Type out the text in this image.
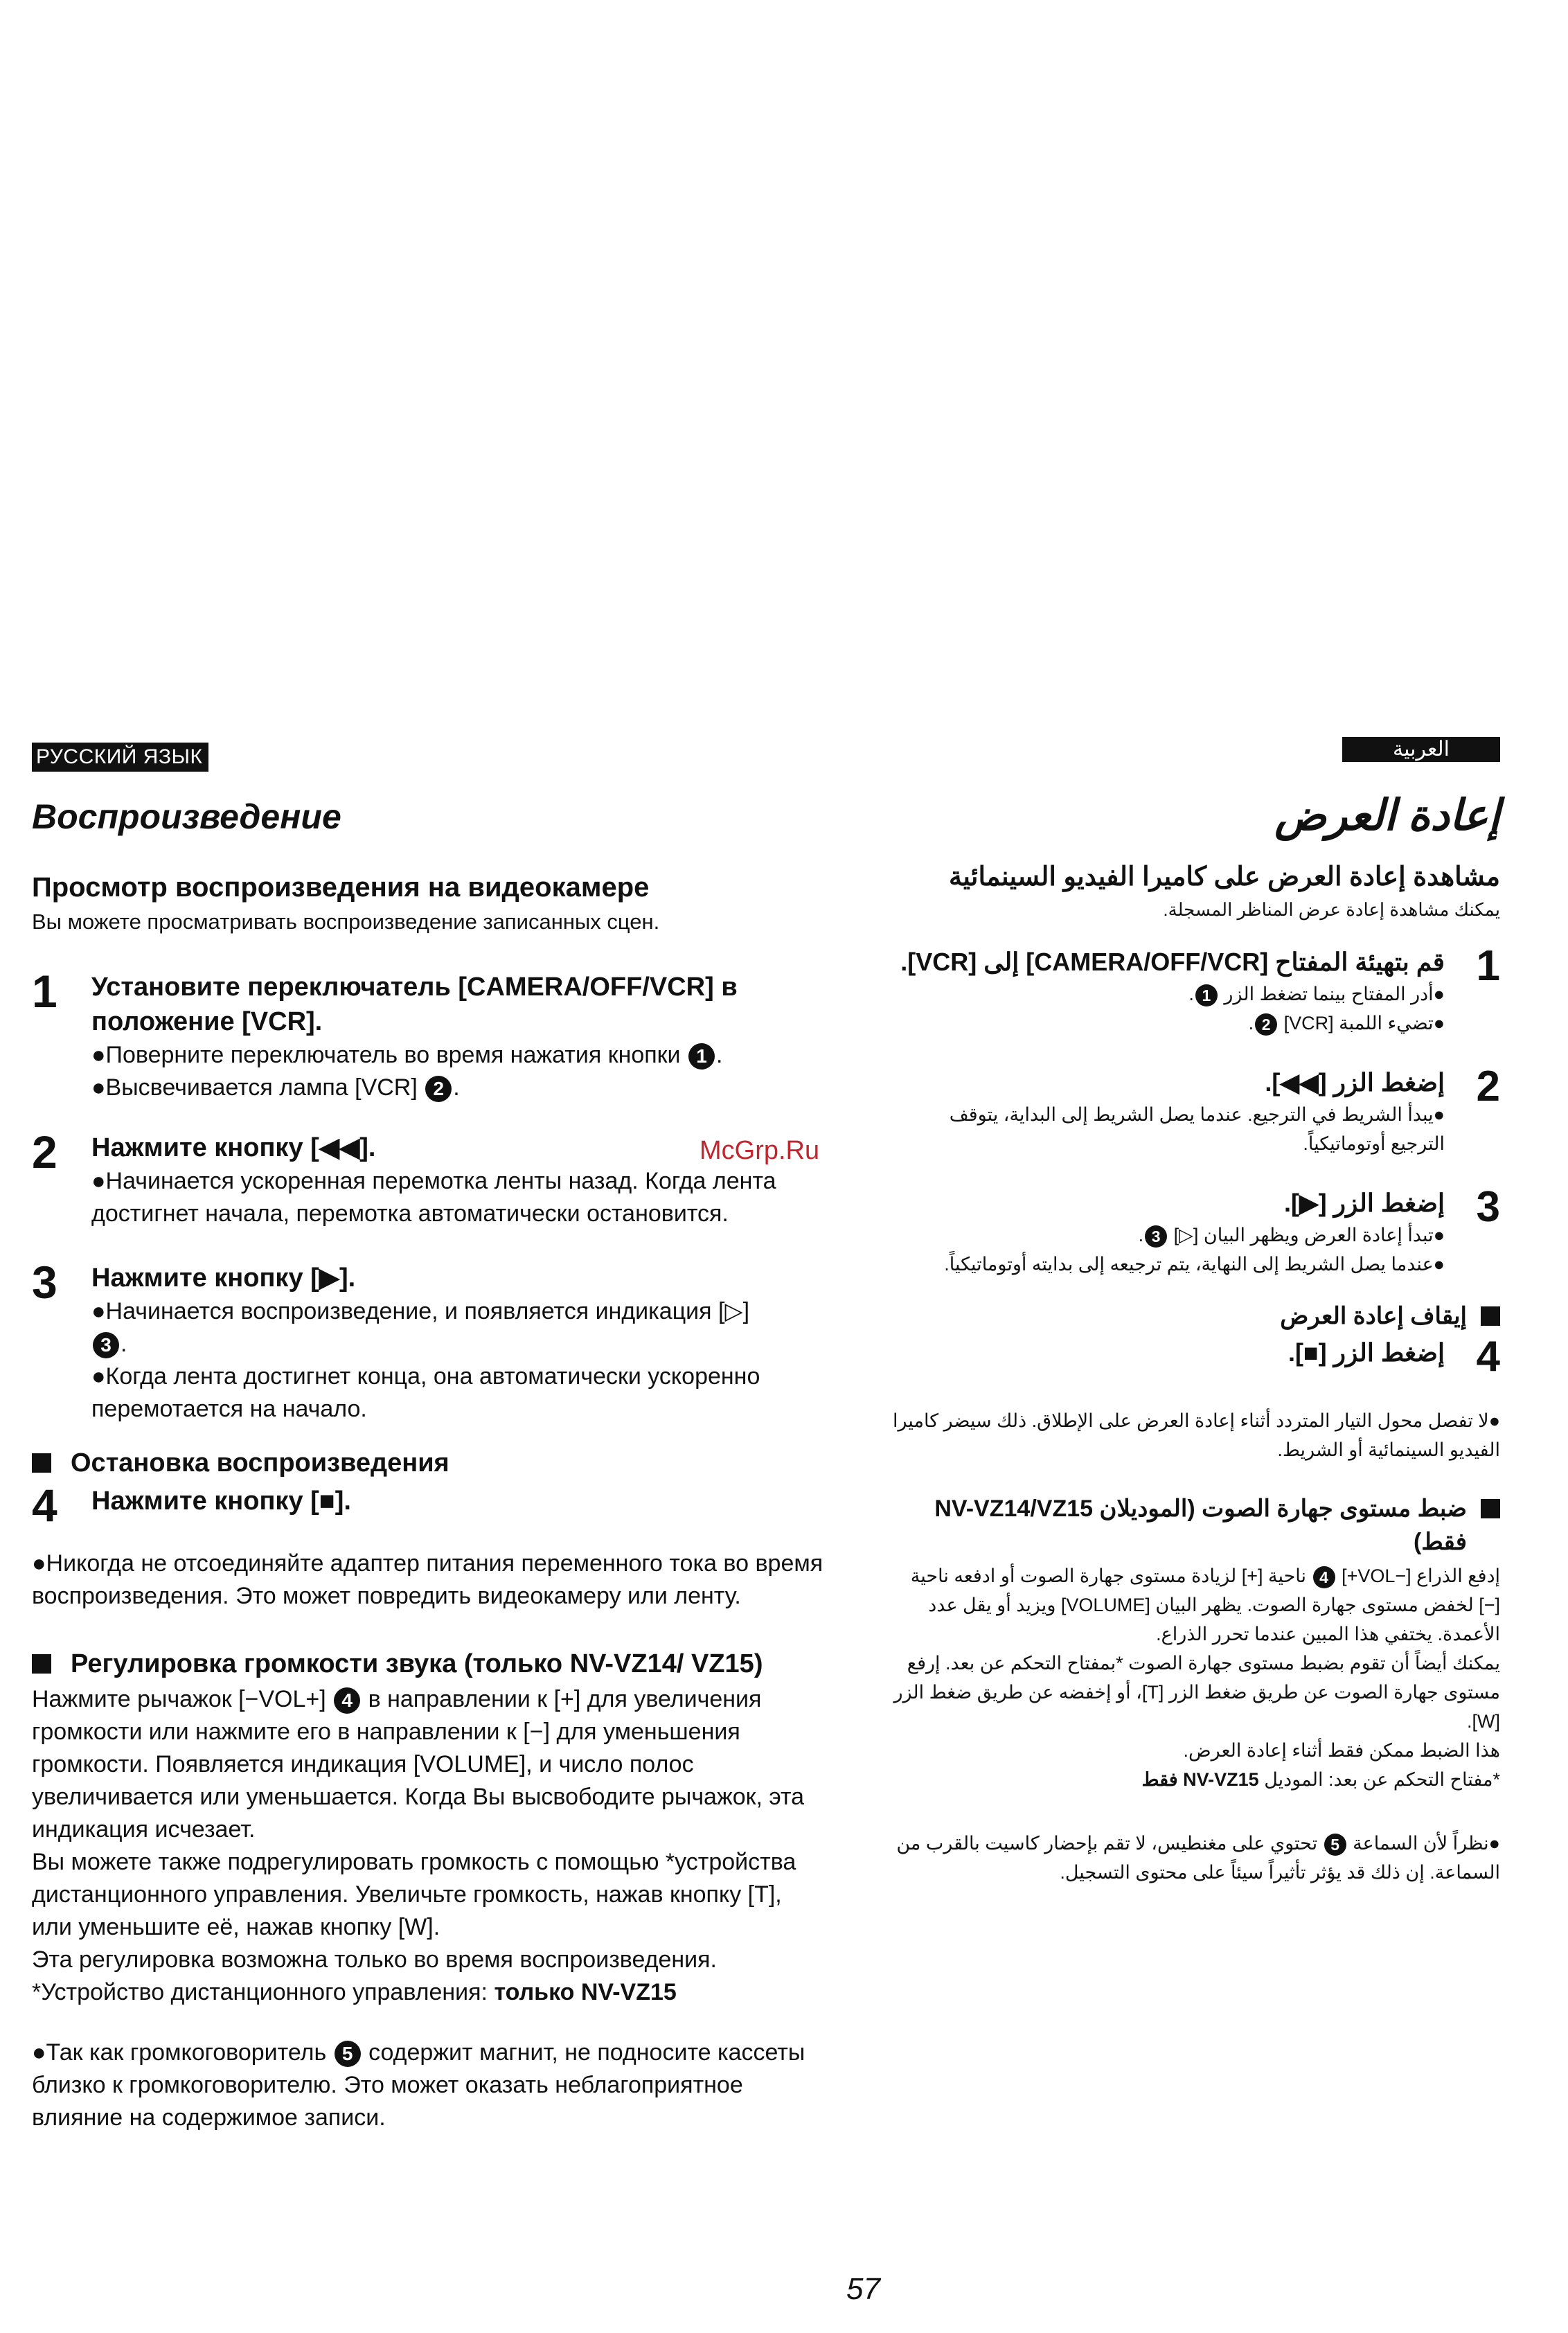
РУССКИЙ ЯЗЫК	العربية
Воспроизведение	إعادة العرض
Просмотр воспроизведения на видеокамере
Вы можете просматривать воспроизведение записанных сцен.
1	Установите переключатель [CAMERA/OFF/VCR] в положение [VCR].
●Поверните переключатель во время нажатия кнопки 1 .
●Высвечивается лампа [VCR] 2 .
2	Нажмите кнопку [◀◀].
●Начинается ускоренная перемотка ленты назад. Когда лента достигнет начала, перемотка автоматически остановится.
3	Нажмите кнопку [▶].
●Начинается воспроизведение, и появляется индикация [▷] 3 .
●Когда лента достигнет конца, она автоматически ускоренно перемотается на начало.
Остановка воспроизведения
4	Нажмите кнопку [■].
●Никогда не отсоединяйте адаптер питания переменного тока во время воспроизведения. Это может повредить видеокамеру или ленту.
Регулировка громкости звука (только NV-VZ14/ VZ15)
Нажмите рычажок [−VOL+] 4 в направлении к [+] для увеличения громкости или нажмите его в направлении к [−] для уменьшения громкости. Появляется индикация [VOLUME], и число полос увеличивается или уменьшается. Когда Вы высвободите рычажок, эта индикация исчезает.
Вы можете также подрегулировать громкость с помощью *устройства дистанционного управления. Увеличьте громкость, нажав кнопку [T], или уменьшите её, нажав кнопку [W].
Эта регулировка возможна только во время воспроизведения.
*Устройство дистанционного управления: только NV-VZ15
●Так как громкоговоритель 5 содержит магнит, не подносите кассеты близко к громкоговорителю. Это может оказать неблагоприятное влияние на содержимое записи.
مشاهدة إعادة العرض على كاميرا الفيديو السينمائية
يمكنك مشاهدة إعادة عرض المناظر المسجلة.
1
قم بتهيئة المفتاح [CAMERA/OFF/VCR] إلى [VCR].
●أدر المفتاح بينما تضغط الزر 1.
●تضيء اللمبة [VCR] 2.
2
إضغط الزر [◀◀].
●يبدأ الشريط في الترجيع. عندما يصل الشريط إلى البداية، يتوقف الترجيع أوتوماتيكياً.
3
إضغط الزر [▶].
●تبدأ إعادة العرض ويظهر البيان [▷] 3.
●عندما يصل الشريط إلى النهاية، يتم ترجيعه إلى بدايته أوتوماتيكياً.
إيقاف إعادة العرض
4
إضغط الزر [■].
●لا تفصل محول التيار المتردد أثناء إعادة العرض على الإطلاق. ذلك سيضر كاميرا الفيديو السينمائية أو الشريط.
ضبط مستوى جهارة الصوت (الموديلان NV-VZ14/VZ15 فقط)
إدفع الذراع [−VOL+] 4 ناحية [+] لزيادة مستوى جهارة الصوت أو ادفعه ناحية [−] لخفض مستوى جهارة الصوت. يظهر البيان [VOLUME] ويزيد أو يقل عدد الأعمدة. يختفي هذا المبين عندما تحرر الذراع.
يمكنك أيضاً أن تقوم بضبط مستوى جهارة الصوت *بمفتاح التحكم عن بعد. إرفع مستوى جهارة الصوت عن طريق ضغط الزر [T]، أو إخفضه عن طريق ضغط الزر [W].
هذا الضبط ممكن فقط أثناء إعادة العرض.
*مفتاح التحكم عن بعد: الموديل NV-VZ15 فقط
●نظراً لأن السماعة 5 تحتوي على مغنطيس، لا تقم بإحضار كاسيت بالقرب من السماعة. إن ذلك قد يؤثر تأثيراً سيئاً على محتوى التسجيل.
McGrp.Ru
57
